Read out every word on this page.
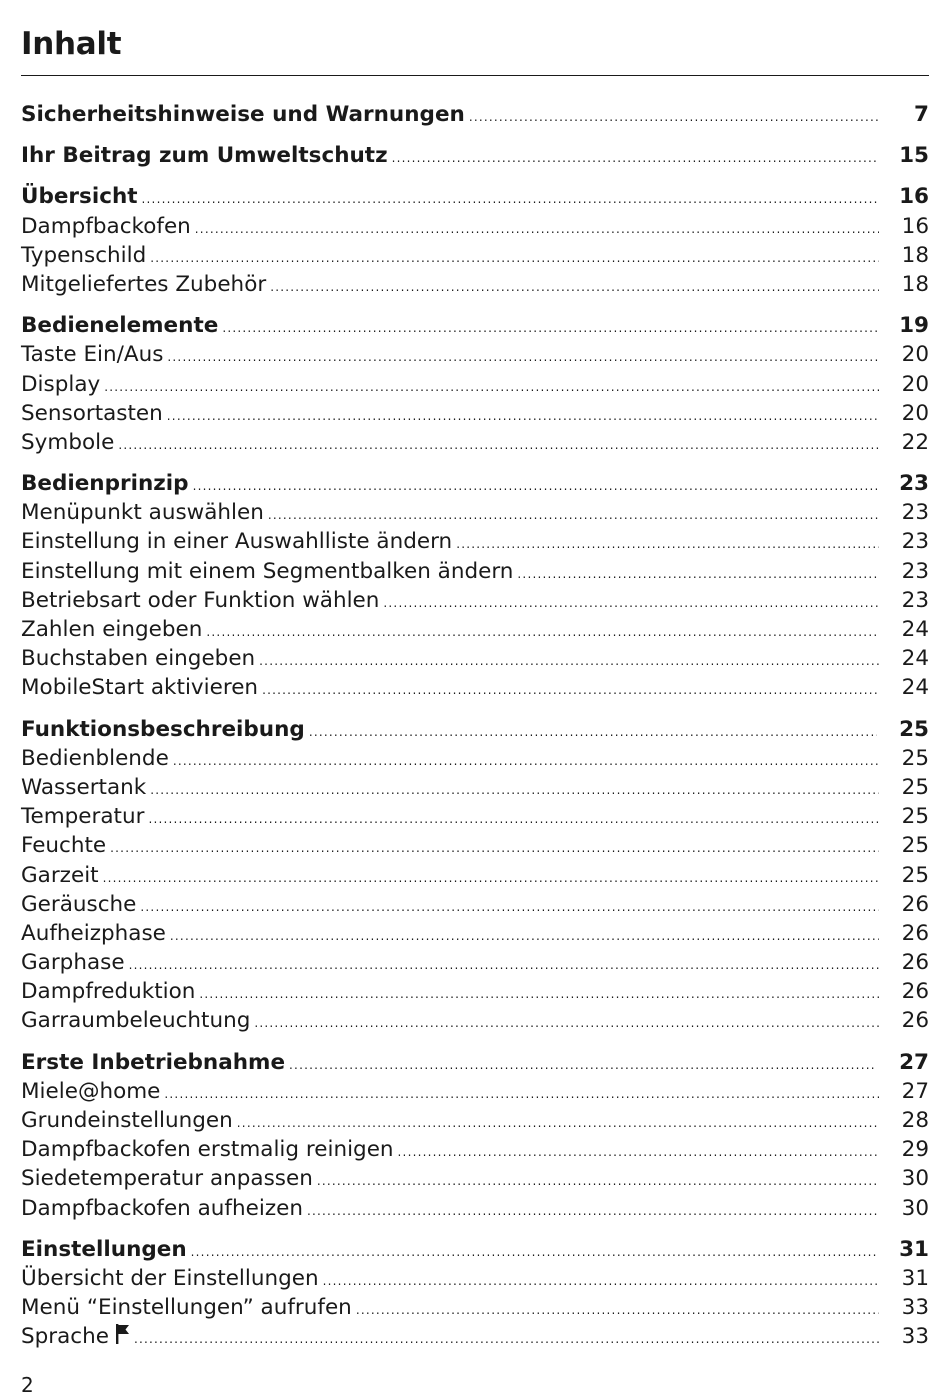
Inhalt
Sicherheitshinweise und Warnungen .....	7
Ihr Beitrag zum Umweltschutz .....	15
Übersicht .....	16
Dampfbackofen .....	16
Typenschild .....	18
Mitgeliefertes Zubehör .....	18
Bedienelemente .....	19
Taste Ein/Aus .....	20
Display .....	20
Sensortasten .....	20
Symbole .....	22
Bedienprinzip .....	23
Menüpunkt auswählen .....	23
Einstellung in einer Auswahlliste ändern .....	23
Einstellung mit einem Segmentbalken ändern .....	23
Betriebsart oder Funktion wählen .....	23
Zahlen eingeben .....	24
Buchstaben eingeben .....	24
MobileStart aktivieren .....	24
Funktionsbeschreibung .....	25
Bedienblende .....	25
Wassertank .....	25
Temperatur .....	25
Feuchte .....	25
Garzeit .....	25
Geräusche .....	26
Aufheizphase .....	26
Garphase .....	26
Dampfreduktion .....	26
Garraumbeleuchtung .....	26
Erste Inbetriebnahme .....	27
Miele@home .....	27
Grundeinstellungen .....	28
Dampfbackofen erstmalig reinigen .....	29
Siedetemperatur anpassen .....	30
Dampfbackofen aufheizen .....	30
Einstellungen .....	31
Übersicht der Einstellungen .....	31
Menü “Einstellungen” aufrufen .....	33
Sprache .....	33
2
